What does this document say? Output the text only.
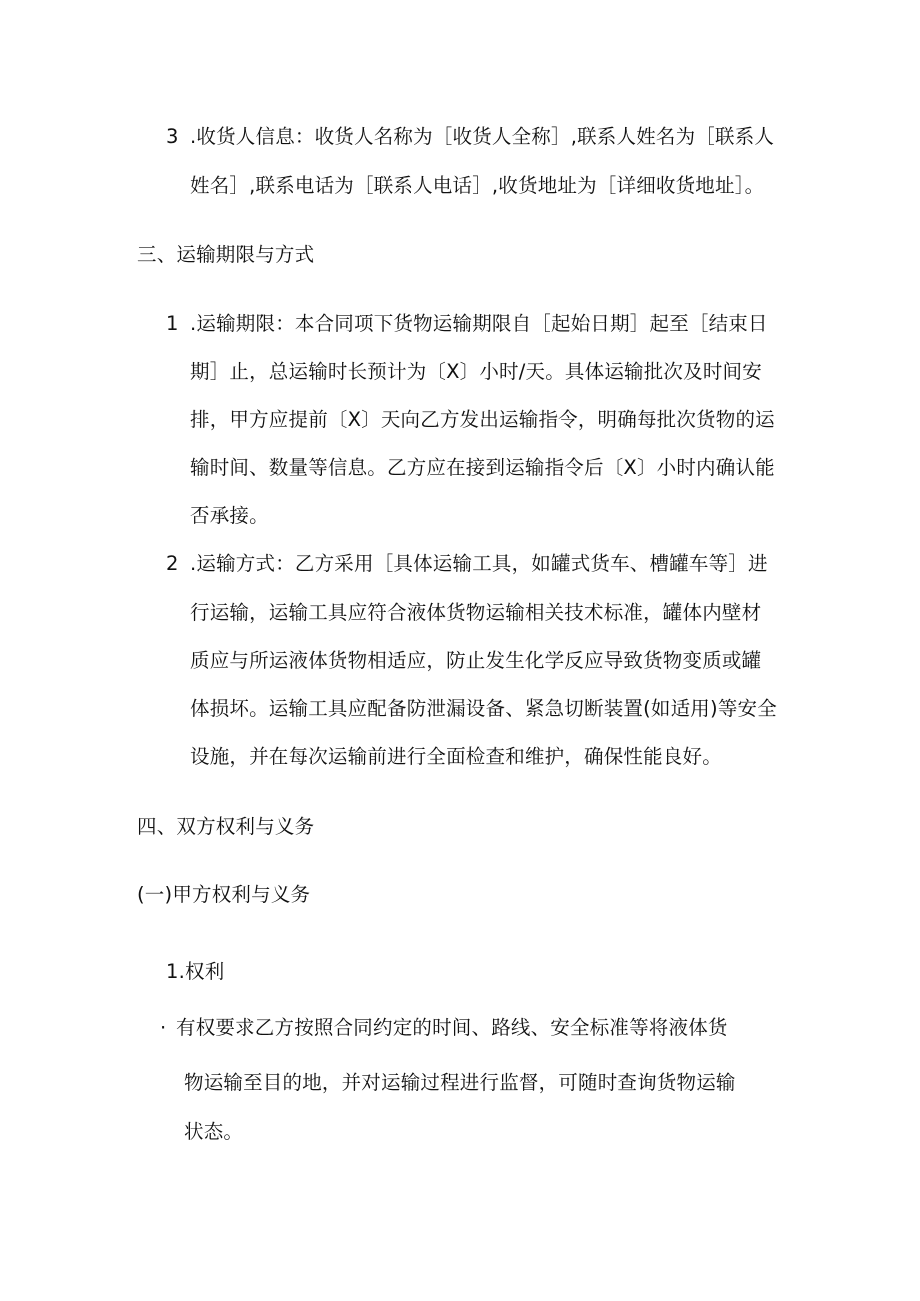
3 .收货人信息：收货人名称为［收货人全称］,联系人姓名为［联系人
姓名］,联系电话为［联系人电话］,收货地址为［详细收货地址］。
三、运输期限与方式
1 .运输期限：本合同项下货物运输期限自［起始日期］起至［结束日
期］止，总运输时长预计为〔X〕小时/天。具体运输批次及时间安
排，甲方应提前〔X〕天向乙方发出运输指令，明确每批次货物的运
输时间、数量等信息。乙方应在接到运输指令后〔X〕小时内确认能
否承接。
2 .运输方式：乙方采用［具体运输工具，如罐式货车、槽罐车等］进
行运输，运输工具应符合液体货物运输相关技术标准，罐体内壁材
质应与所运液体货物相适应，防止发生化学反应导致货物变质或罐
体损坏。运输工具应配备防泄漏设备、紧急切断装置(如适用)等安全
设施，并在每次运输前进行全面检查和维护，确保性能良好。
四、双方权利与义务
(一)甲方权利与义务
1.权利
· 有权要求乙方按照合同约定的时间、路线、安全标准等将液体货
物运输至目的地，并对运输过程进行监督，可随时查询货物运输
状态。
